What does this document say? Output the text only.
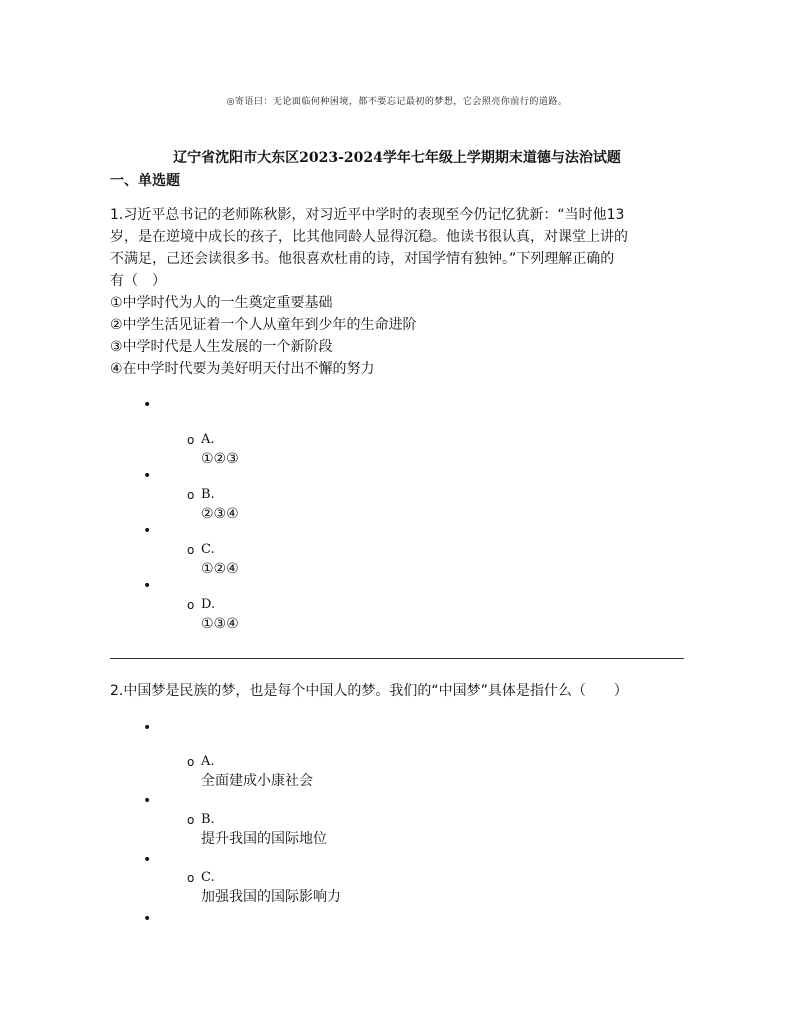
◎寄语曰：无论面临何种困境，都不要忘记最初的梦想，它会照亮你前行的道路。
辽宁省沈阳市大东区2023-2024学年七年级上学期期末道德与法治试题
一、单选题
1.习近平总书记的老师陈秋影，对习近平中学时的表现至今仍记忆犹新：“当时他13
岁，是在逆境中成长的孩子，比其他同龄人显得沉稳。他读书很认真，对课堂上讲的
不满足，己还会读很多书。他很喜欢杜甫的诗，对国学情有独钟。”下列理解正确的
有（　）
①中学时代为人的一生奠定重要基础
②中学生活见证着一个人从童年到少年的生命进阶
③中学时代是人生发展的一个新阶段
④在中学时代要为美好明天付出不懈的努力
•
o A.
①②③
•
o B.
②③④
•
o C.
①②④
•
o D.
①③④
2.中国梦是民族的梦，也是每个中国人的梦。我们的“中国梦”具体是指什么（　　）
•
o A.
全面建成小康社会
•
o B.
提升我国的国际地位
•
o C.
加强我国的国际影响力
•
